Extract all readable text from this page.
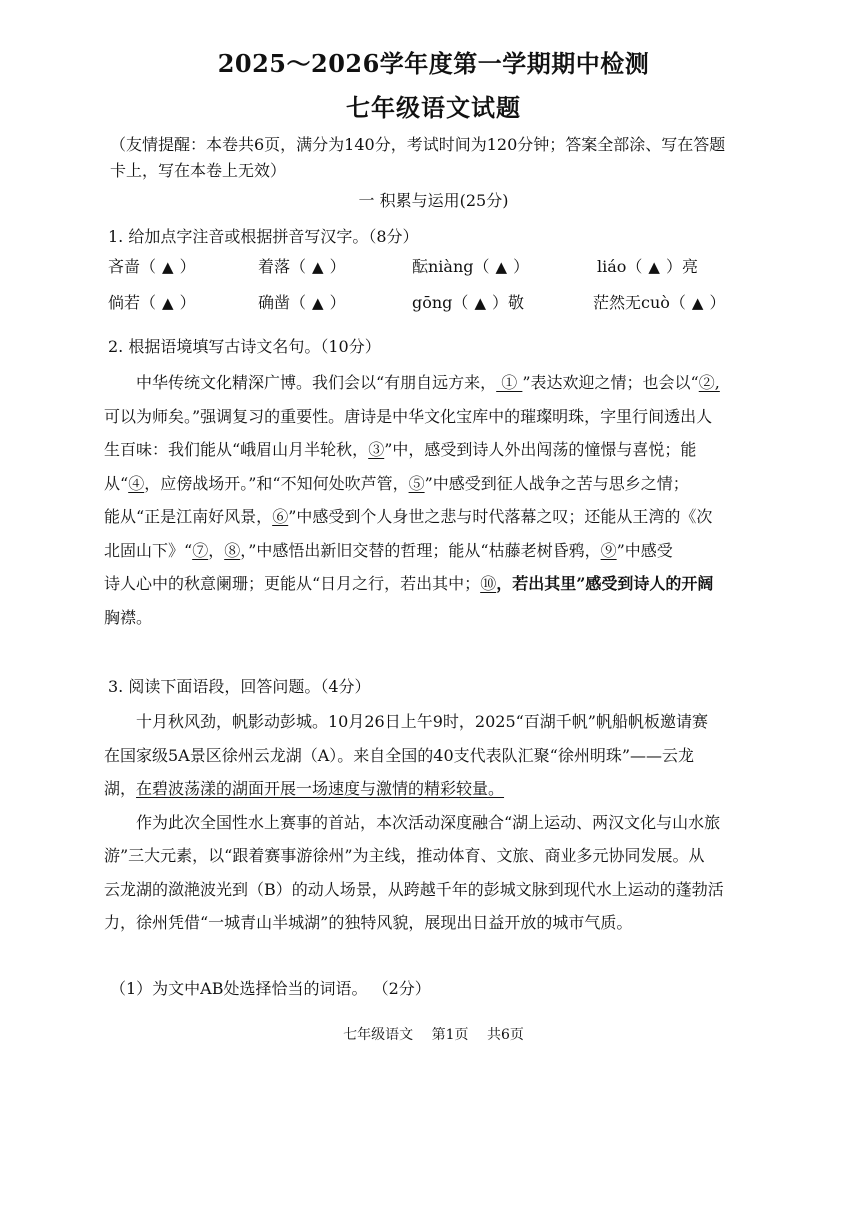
2025～2026学年度第一学期期中检测
七年级语文试题
（友情提醒：本卷共6页，满分为140分，考试时间为120分钟；答案全部涂、写在答题
卡上，写在本卷上无效）
一 积累与运用(25分)
1. 给加点字注音或根据拼音写汉字。（8分）
吝啬（ ▲ ）	着落（ ▲ ）	酝niàng（ ▲ ）	liáo（ ▲ ）亮
倘若（ ▲ ）	确凿（ ▲ ）	gōng（ ▲ ）敬	茫然无cuò（ ▲ ）
2. 根据语境填写古诗文名句。（10分）

中华传统文化精深广博。我们会以“有朋自远方来， ① ”表达欢迎之情；也会以“②,

可以为师矣。”强调复习的重要性。唐诗是中华文化宝库中的璀璨明珠，字里行间透出人

生百味：我们能从“峨眉山月半轮秋，③”中，感受到诗人外出闯荡的憧憬与喜悦；能

从“④，应傍战场开。”和“不知何处吹芦管，⑤”中感受到征人战争之苦与思乡之情；

能从“正是江南好风景，⑥”中感受到个人身世之悲与时代落幕之叹；还能从王湾的《次

北固山下》“⑦，⑧，”中感悟出新旧交替的哲理；能从“枯藤老树昏鸦，⑨”中感受

诗人心中的秋意阑珊；更能从“日月之行，若出其中；⑩，若出其里”感受到诗人的开阔

胸襟。

3. 阅读下面语段，回答问题。（4分）

十月秋风劲，帆影动彭城。10月26日上午9时，2025“百湖千帆”帆船帆板邀请赛

在国家级5A景区徐州云龙湖（A）。来自全国的40支代表队汇聚“徐州明珠”——云龙

湖，在碧波荡漾的湖面开展一场速度与激情的精彩较量。

作为此次全国性水上赛事的首站，本次活动深度融合“湖上运动、两汉文化与山水旅

游”三大元素，以“跟着赛事游徐州”为主线，推动体育、文旅、商业多元协同发展。从

云龙湖的潋滟波光到（B）的动人场景，从跨越千年的彭城文脉到现代水上运动的蓬勃活

力，徐州凭借“一城青山半城湖”的独特风貌，展现出日益开放的城市气质。

（1）为文中AB处选择恰当的词语。 （2分）
七年级语文 第1页 共6页
